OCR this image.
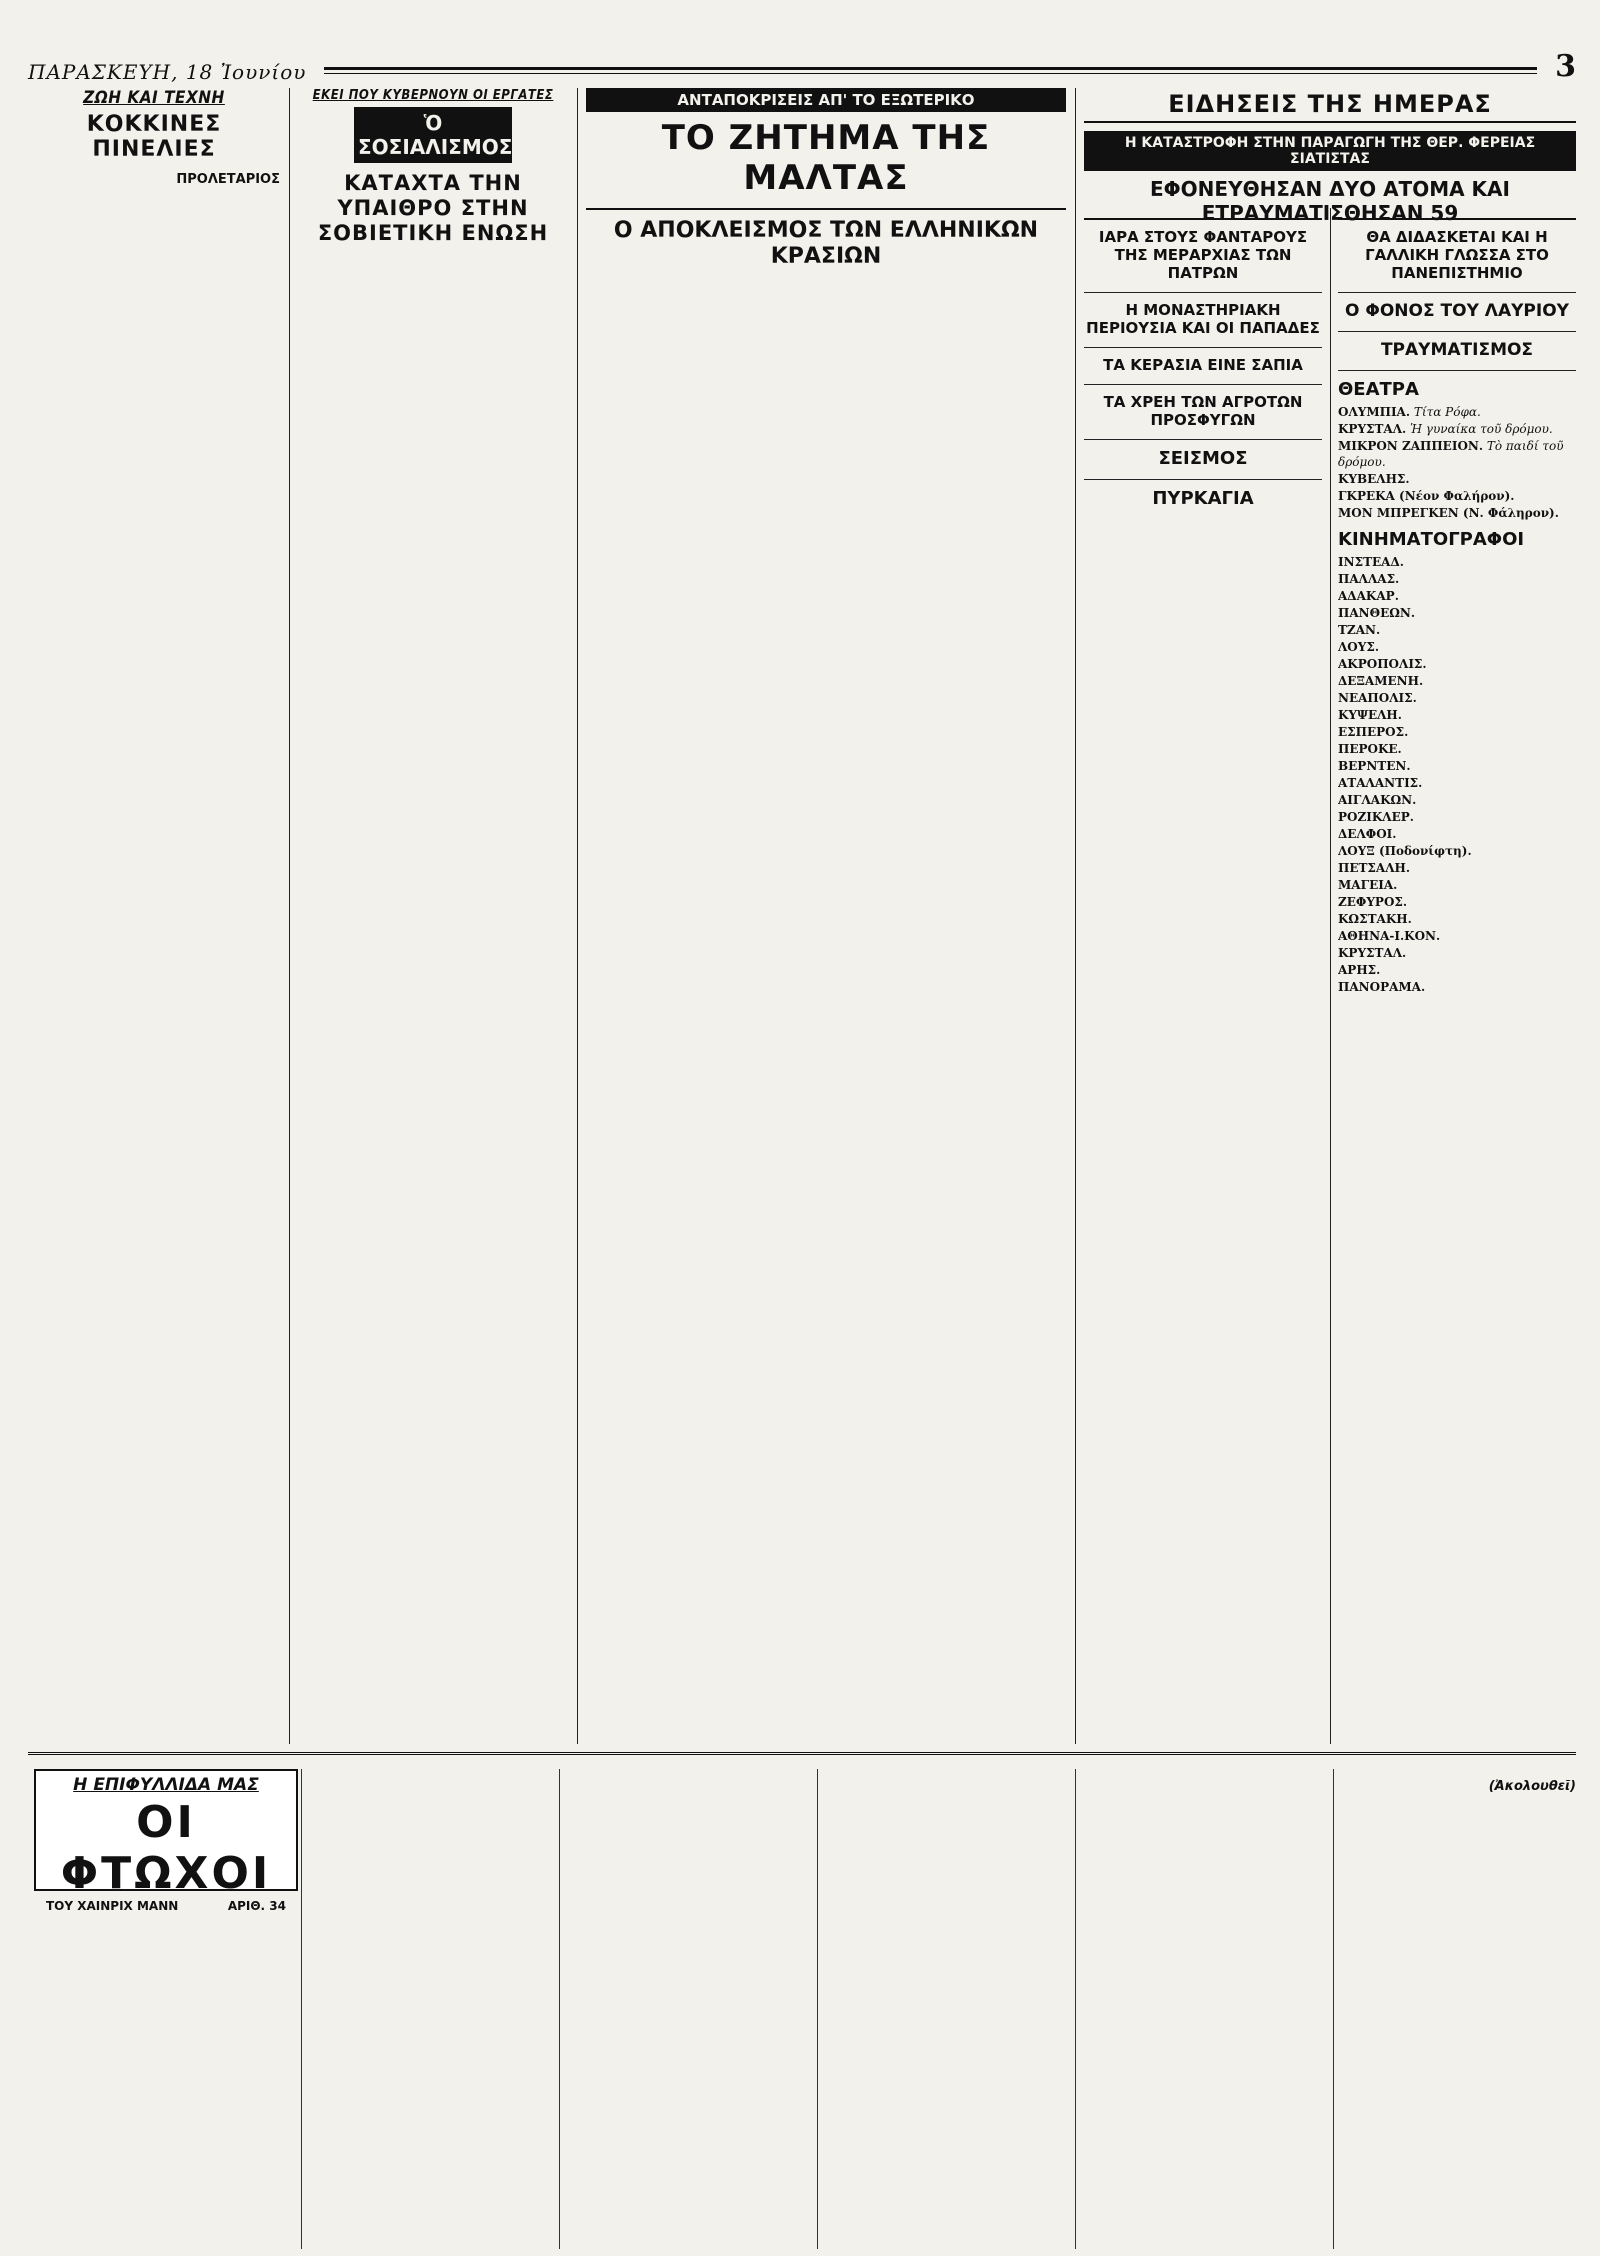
ΠΑΡΑΣΚΕΥΗ, 18 Ἰουνίου	3
ΖΩΗ ΚΑΙ ΤΕΧΝΗ
ΚΟΚΚΙΝΕΣ ΠΙΝΕΛΙΕΣ

ΠΡΟΛΕΤΑΡΙΟΣ
ΕΚΕΙ ΠΟΥ ΚΥΒΕΡΝΟΥΝ ΟΙ ΕΡΓΑΤΕΣ
Ὁ ΣΟΣΙΑΛΙΣΜΟΣ
ΚΑΤΑΧΤΑ ΤΗΝ ΥΠΑΙΘΡΟ ΣΤΗΝ ΣΟΒΙΕΤΙΚΗ ΕΝΩΣΗ

ΑΝΤΑΠΟΚΡΙΣΕΙΣ ΑΠ' ΤΟ ΕΞΩΤΕΡΙΚΟ
ΤΟ ΖΗΤΗΜΑ ΤΗΣ ΜΑΛΤΑΣ

Ο ΑΠΟΚΛΕΙΣΜΟΣ ΤΩΝ ΕΛΛΗΝΙΚΩΝ ΚΡΑΣΙΩΝ

ΕΙΔΗΣΕΙΣ ΤΗΣ ΗΜΕΡΑΣ
Η ΚΑΤΑΣΤΡΟΦΗ ΣΤΗΝ ΠΑΡΑΓΩΓΗ ΤΗΣ ΘΕΡ. ΦΕΡΕΙΑΣ ΣΙΑΤΙΣΤΑΣ
ΕΦΟΝΕΥΘΗΣΑΝ ΔΥΟ ΑΤΟΜΑ ΚΑΙ ΕΤΡΑΥΜΑΤΙΣΘΗΣΑΝ 59

ΙΑΡΑ ΣΤΟΥΣ ΦΑΝΤΑΡΟΥΣ ΤΗΣ ΜΕΡΑΡΧΙΑΣ ΤΩΝ ΠΑΤΡΩΝ

Η ΜΟΝΑΣΤΗΡΙΑΚΗ ΠΕΡΙΟΥΣΙΑ ΚΑΙ ΟΙ ΠΑΠΑΔΕΣ

ΤΑ ΚΕΡΑΣΙΑ ΕΙΝΕ ΣΑΠΙΑ

ΤΑ ΧΡΕΗ ΤΩΝ ΑΓΡΟΤΩΝ ΠΡΟΣΦΥΓΩΝ

ΣΕΙΣΜΟΣ

ΠΥΡΚΑΓΙΑ

ΘΑ ΔΙΔΑΣΚΕΤΑΙ ΚΑΙ Η ΓΑΛΛΙΚΗ ΓΛΩΣΣΑ ΣΤΟ ΠΑΝΕΠΙΣΤΗΜΙΟ

Ο ΦΟΝΟΣ ΤΟΥ ΛΑΥΡΙΟΥ

ΤΡΑΥΜΑΤΙΣΜΟΣ

ΘΕΑΤΡΑ
ΟΛΥΜΠΙΑ. Τίτα Ρόφα.
ΚΡΥΣΤΑΛ. Ἡ γυναίκα τοῦ δρόμου.
ΜΙΚΡΟΝ ΖΑΠΠΕΙΟΝ. Τὸ παιδί τοῦ δρόμου.
ΚΥΒΕΛΗΣ.
ΓΚΡΕΚΑ (Νέον Φαλήρον).
ΜΟΝ ΜΠΡΕΓΚΕΝ (Ν. Φάληρον).
ΚΙΝΗΜΑΤΟΓΡΑΦΟΙ
ΙΝΣΤΕΑΔ.
ΠΑΛΛΑΣ.
ΑΔΑΚΑΡ.
ΠΑΝΘΕΩΝ.
ΤΖΑΝ.
ΛΟΥΣ.
ΑΚΡΟΠΟΛΙΣ.
ΔΕΞΑΜΕΝΗ.
ΝΕΑΠΟΛΙΣ.
ΚΥΨΕΛΗ.
ΕΣΠΕΡΟΣ.
ΠΕΡΟΚΕ.
ΒΕΡΝΤΕΝ.
ΑΤΑΛΑΝΤΙΣ.
ΑΙΓΛΑΚΩΝ.
ΡΟΖΙΚΛΕΡ.
ΔΕΛΦΟΙ.
ΛΟΥΞ (Ποδονίφτη).
ΠΕΤΣΑΛΗ.
ΜΑΓΕΙΑ.
ΖΕΦΥΡΟΣ.
ΚΩΣΤΑΚΗ.
ΑΘΗΝΑ-Ι.ΚΟΝ.
ΚΡΥΣΤΑΛ.
ΑΡΗΣ.
ΠΑΝΟΡΑΜΑ.
Η ΕΠΙΦΥΛΛΙΔΑ ΜΑΣ
ΟΙ ΦΤΩΧΟΙ
ΤΟΥ ΧΑΙΝΡΙΧ ΜΑΝΝ	ΑΡΙΘ. 34

(Ἀκολουθεῖ)
